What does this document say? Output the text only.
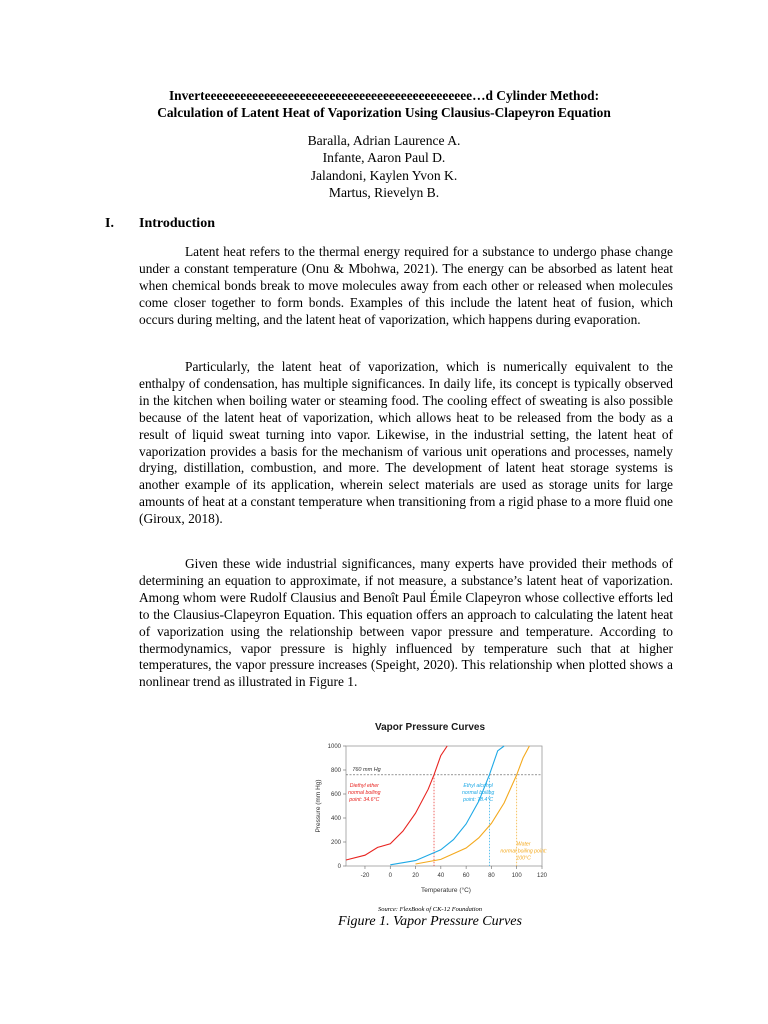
Inverteeeeeeeeeeeeeeeeeeeeeeeeeeeeeeeeeeeeeeeeeeeee…d Cylinder Method:
Calculation of Latent Heat of Vaporization Using Clausius-Clapeyron Equation
Baralla, Adrian Laurence A.
Infante, Aaron Paul D.
Jalandoni, Kaylen Yvon K.
Martus, Rievelyn B.
I. Introduction

Latent heat refers to the thermal energy required for a substance to undergo phase change under a constant temperature (Onu & Mbohwa, 2021). The energy can be absorbed as latent heat when chemical bonds break to move molecules away from each other or released when molecules come closer together to form bonds. Examples of this include the latent heat of fusion, which occurs during melting, and the latent heat of vaporization, which happens during evaporation.

Particularly, the latent heat of vaporization, which is numerically equivalent to the enthalpy of condensation, has multiple significances. In daily life, its concept is typically observed in the kitchen when boiling water or steaming food. The cooling effect of sweating is also possible because of the latent heat of vaporization, which allows heat to be released from the body as a result of liquid sweat turning into vapor. Likewise, in the industrial setting, the latent heat of vaporization provides a basis for the mechanism of various unit operations and processes, namely drying, distillation, combustion, and more. The development of latent heat storage systems is another example of its application, wherein select materials are used as storage units for large amounts of heat at a constant temperature when transitioning from a rigid phase to a more fluid one (Giroux, 2018).

Given these wide industrial significances, many experts have provided their methods of determining an equation to approximate, if not measure, a substance’s latent heat of vaporization. Among whom were Rudolf Clausius and Benoît Paul Émile Clapeyron whose collective efforts led to the Clausius-Clapeyron Equation. This equation offers an approach to calculating the latent heat of vaporization using the relationship between vapor pressure and temperature. According to thermodynamics, vapor pressure is highly influenced by temperature such that at higher temperatures, the vapor pressure increases (Speight, 2020). This relationship when plotted shows a nonlinear trend as illustrated in Figure 1.

Vapor Pressure Curves
0
200
400
600
800
1000
-20	0	20	40	60	80	100	120
Temperature (°C)
Pressure (mm Hg)
760 mm Hg
Diethyl ether
normal boiling
point: 34.6°C
Ethyl alcohol
normal boiling
point: 78.4°C
Water
normal boiling point:
100°C
Source: FlexBook of CK-12 Foundation
Figure 1. Vapor Pressure Curves
